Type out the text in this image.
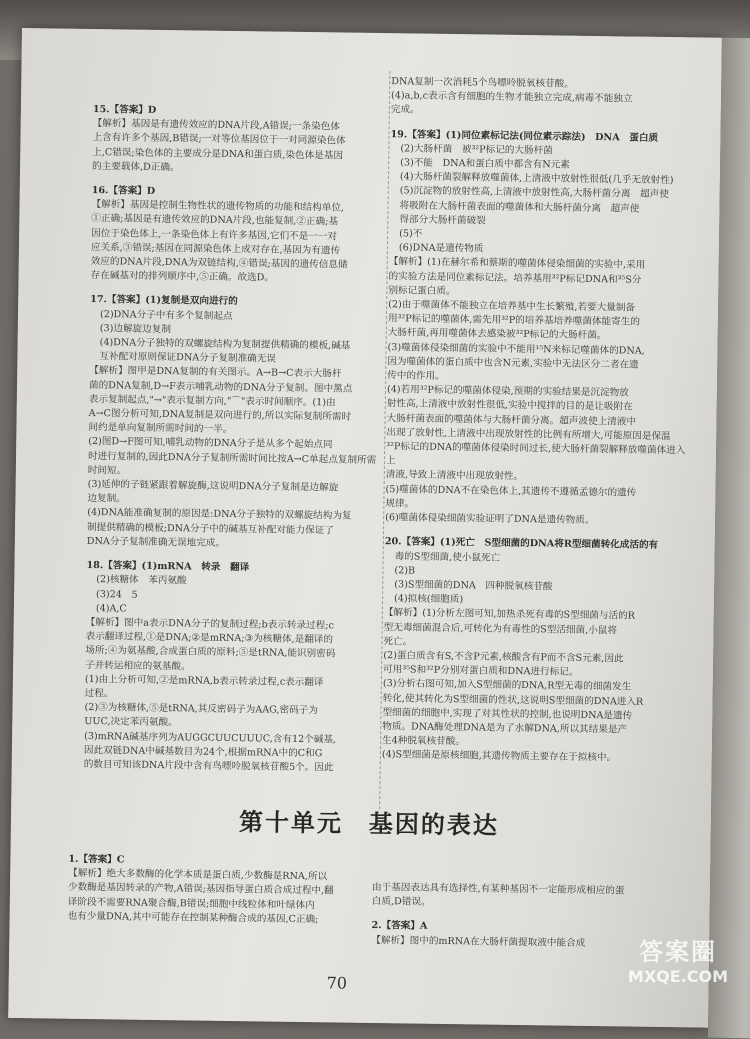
15.【答案】D

【解析】基因是有遗传效应的DNA片段,A错误;一条染色体

上含有许多个基因,B错误;一对等位基因位于一对同源染色体

上,C错误;染色体的主要成分是DNA和蛋白质,染色体是基因

的主要载体,D正确。

16.【答案】D

【解析】基因是控制生物性状的遗传物质的功能和结构单位,

①正确;基因是有遗传效应的DNA片段,也能复制,②正确;基

因位于染色体上,一条染色体上有许多基因,它们不是一一对

应关系,③错误;基因在同源染色体上成对存在,基因为有遗传

效应的DNA片段,DNA为双链结构,④错误;基因的遗传信息储

存在碱基对的排列顺序中,⑤正确。故选D。

17.【答案】(1)复制是双向进行的

(2)DNA分子中有多个复制起点

(3)边解旋边复制

(4)DNA分子独特的双螺旋结构为复制提供精确的模板,碱基

互补配对原则保证DNA分子复制准确无误

【解析】图甲是DNA复制的有关图示。A→B→C表示大肠杆

菌的DNA复制,D→F表示哺乳动物的DNA分子复制。图中黑点

表示复制起点,"→"表示复制方向,"⌒"表示时间顺序。(1)由

A→C图分析可知,DNA复制是双向进行的,所以实际复制所需时

间约是单向复制所需时间的一半。

(2)图D→F图可知,哺乳动物的DNA分子是从多个起始点同

时进行复制的,因此DNA分子复制所需时间比按A→C单起点复制所需时间短。

(3)延伸的子链紧跟着解旋酶,这说明DNA分子复制是边解旋

边复制。

(4)DNA能准确复制的原因是:DNA分子独特的双螺旋结构为复

制提供精确的模板;DNA分子中的碱基互补配对能力保证了

DNA分子复制准确无误地完成。

18.【答案】(1)mRNA　转录　翻译

(2)核糖体　苯丙氨酸

(3)24　5

(4)A,C

【解析】图中a表示DNA分子的复制过程;b表示转录过程;c

表示翻译过程,①是DNA;②是mRNA;③为核糖体,是翻译的

场所;④为氨基酸,合成蛋白质的原料;⑤是tRNA,能识别密码

子并转运相应的氨基酸。

(1)由上分析可知,②是mRNA,b表示转录过程,c表示翻译

过程。

(2)③为核糖体,⑤是tRNA,其反密码子为AAG,密码子为

UUC,决定苯丙氨酸。

(3)mRNA碱基序列为AUGGCUUCUUUC,含有12个碱基,

因此双链DNA中碱基数目为24个,根据mRNA中的C和G

的数目可知该DNA片段中含有鸟嘌呤脱氧核苷酸5个。因此

DNA复制一次消耗5个鸟嘌呤脱氧核苷酸。

(4)a,b,c表示含有细胞的生物才能独立完成,病毒不能独立

完成。

19.【答案】(1)同位素标记法(同位素示踪法)　DNA　蛋白质

(2)大肠杆菌　被³²P标记的大肠杆菌

(3)不能　DNA和蛋白质中都含有N元素

(4)大肠杆菌裂解释放噬菌体,上清液中放射性很低(几乎无放射性)

(5)沉淀物的放射性高,上清液中放射性高,大肠杆菌分离　超声使

将吸附在大肠杆菌表面的噬菌体和大肠杆菌分离　超声使

得部分大肠杆菌破裂

(5)不

(6)DNA是遗传物质

【解析】(1)在赫尔希和蔡斯的噬菌体侵染细菌的实验中,采用

的实验方法是同位素标记法。培养基用³²P标记DNA和³⁵S分

别标记蛋白质。

(2)由于噬菌体不能独立在培养基中生长繁殖,若要大量制备

用³²P标记的噬菌体,需先用³²P的培养基培养噬菌体能寄生的

大肠杆菌,再用噬菌体去感染被³²P标记的大肠杆菌。

(3)噬菌体侵染细菌的实验中不能用¹⁵N来标记噬菌体的DNA,

因为噬菌体的蛋白质中也含N元素,实验中无法区分二者在遗

传中的作用。

(4)若用³²P标记的噬菌体侵染,预期的实验结果是沉淀物放

射性高,上清液中放射性很低,实验中搅拌的目的是让吸附在

大肠杆菌表面的噬菌体与大肠杆菌分离。超声波使上清液中

出现了放射性,上清液中出现放射性的比例有所增大,可能原因是保温

³²P标记的DNA的噬菌体侵染时间过长,使大肠杆菌裂解释放噬菌体进入上

清液,导致上清液中出现放射性。

(5)噬菌体的DNA不在染色体上,其遗传不遵循孟德尔的遗传

规律。

(6)噬菌体侵染细菌实验证明了DNA是遗传物质。

20.【答案】(1)死亡　S型细菌的DNA将R型细菌转化成活的有

毒的S型细菌,使小鼠死亡

(2)B

(3)S型细菌的DNA　四种脱氧核苷酸

(4)拟核(细胞质)

【解析】(1)分析左图可知,加热杀死有毒的S型细菌与活的R

型无毒细菌混合后,可转化为有毒性的S型活细菌,小鼠将

死亡。

(2)蛋白质含有S,不含P元素,核酸含有P而不含S元素,因此

可用³⁵S和³²P分别对蛋白质和DNA进行标记。

(3)分析右图可知,加入S型细菌的DNA,R型无毒的细菌发生

转化,使其转化为S型细菌的性状,这说明S型细菌的DNA进入R

型细菌的细胞中,实现了对其性状的控制,也说明DNA是遗传

物质。DNA酶处理DNA是为了水解DNA,所以其结果是产

生4种脱氧核苷酸。

(4)S型细菌是原核细胞,其遗传物质主要存在于拟核中。

第十单元　基因的表达

1.【答案】C

【解析】绝大多数酶的化学本质是蛋白质,少数酶是RNA,所以

少数酶是基因转录的产物,A错误;基因指导蛋白质合成过程中,翻

译阶段不需要RNA聚合酶,B错误;细胞中线粒体和叶绿体内

也有少量DNA,其中可能存在控制某种酶合成的基因,C正确;

由于基因表达具有选择性,有某种基因不一定能形成相应的蛋

白质,D错误。

2.【答案】A

【解析】图中的mRNA在大肠杆菌提取液中能合成

70
答案圈
MXQE.COM
